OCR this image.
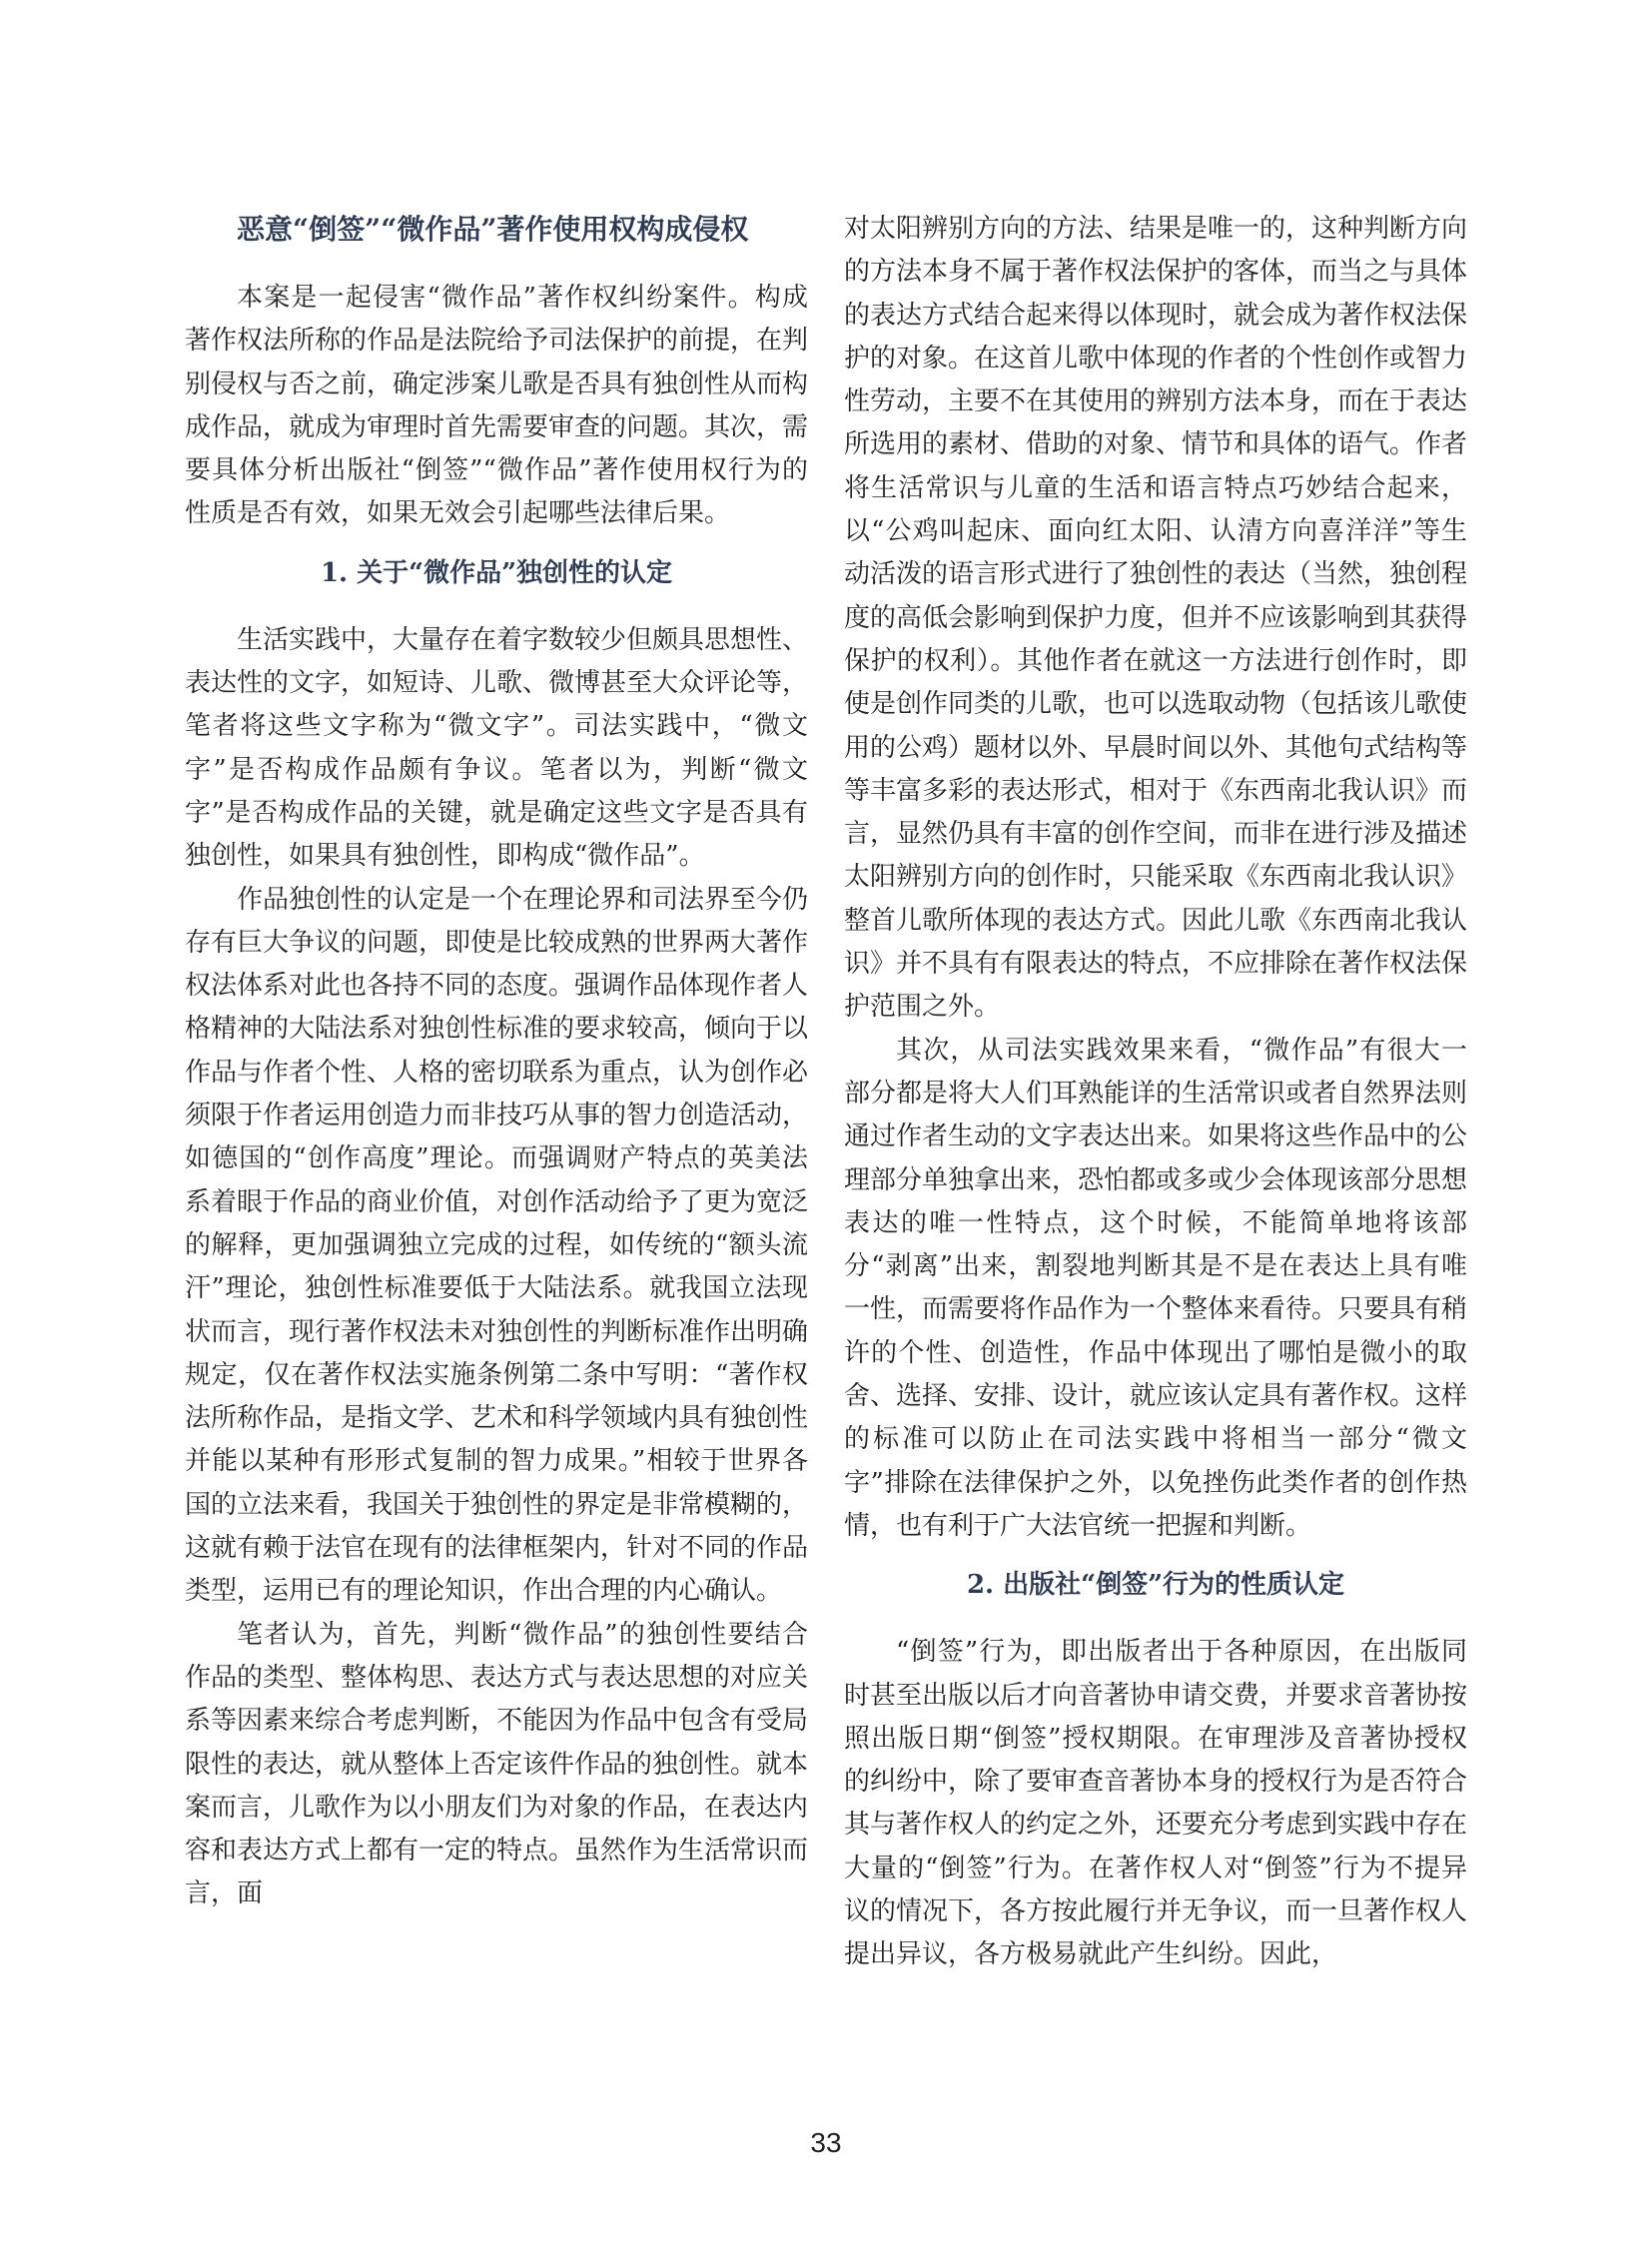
恶意“倒签”“微作品”著作使用权构成侵权

本案是一起侵害“微作品”著作权纠纷案件。构成著作权法所称的作品是法院给予司法保护的前提，在判别侵权与否之前，确定涉案儿歌是否具有独创性从而构成作品，就成为审理时首先需要审查的问题。其次，需要具体分析出版社“倒签”“微作品”著作使用权行为的性质是否有效，如果无效会引起哪些法律后果。

1. 关于“微作品”独创性的认定

生活实践中，大量存在着字数较少但颇具思想性、表达性的文字，如短诗、儿歌、微博甚至大众评论等，笔者将这些文字称为“微文字”。司法实践中，“微文字”是否构成作品颇有争议。笔者以为，判断“微文字”是否构成作品的关键，就是确定这些文字是否具有独创性，如果具有独创性，即构成“微作品”。

作品独创性的认定是一个在理论界和司法界至今仍存有巨大争议的问题，即使是比较成熟的世界两大著作权法体系对此也各持不同的态度。强调作品体现作者人格精神的大陆法系对独创性标准的要求较高，倾向于以作品与作者个性、人格的密切联系为重点，认为创作必须限于作者运用创造力而非技巧从事的智力创造活动，如德国的“创作高度”理论。而强调财产特点的英美法系着眼于作品的商业价值，对创作活动给予了更为宽泛的解释，更加强调独立完成的过程，如传统的“额头流汗”理论，独创性标准要低于大陆法系。就我国立法现状而言，现行著作权法未对独创性的判断标准作出明确规定，仅在著作权法实施条例第二条中写明：“著作权法所称作品，是指文学、艺术和科学领域内具有独创性并能以某种有形形式复制的智力成果。”相较于世界各国的立法来看，我国关于独创性的界定是非常模糊的，这就有赖于法官在现有的法律框架内，针对不同的作品类型，运用已有的理论知识，作出合理的内心确认。

笔者认为，首先，判断“微作品”的独创性要结合作品的类型、整体构思、表达方式与表达思想的对应关系等因素来综合考虑判断，不能因为作品中包含有受局限性的表达，就从整体上否定该件作品的独创性。就本案而言，儿歌作为以小朋友们为对象的作品，在表达内容和表达方式上都有一定的特点。虽然作为生活常识而言，面

对太阳辨别方向的方法、结果是唯一的，这种判断方向的方法本身不属于著作权法保护的客体，而当之与具体的表达方式结合起来得以体现时，就会成为著作权法保护的对象。在这首儿歌中体现的作者的个性创作或智力性劳动，主要不在其使用的辨别方法本身，而在于表达所选用的素材、借助的对象、情节和具体的语气。作者将生活常识与儿童的生活和语言特点巧妙结合起来，以“公鸡叫起床、面向红太阳、认清方向喜洋洋”等生动活泼的语言形式进行了独创性的表达（当然，独创程度的高低会影响到保护力度，但并不应该影响到其获得保护的权利）。其他作者在就这一方法进行创作时，即使是创作同类的儿歌，也可以选取动物（包括该儿歌使用的公鸡）题材以外、早晨时间以外、其他句式结构等等丰富多彩的表达形式，相对于《东西南北我认识》而言，显然仍具有丰富的创作空间，而非在进行涉及描述太阳辨别方向的创作时，只能采取《东西南北我认识》整首儿歌所体现的表达方式。因此儿歌《东西南北我认识》并不具有有限表达的特点，不应排除在著作权法保护范围之外。

其次，从司法实践效果来看，“微作品”有很大一部分都是将大人们耳熟能详的生活常识或者自然界法则通过作者生动的文字表达出来。如果将这些作品中的公理部分单独拿出来，恐怕都或多或少会体现该部分思想表达的唯一性特点，这个时候，不能简单地将该部分“剥离”出来，割裂地判断其是不是在表达上具有唯一性，而需要将作品作为一个整体来看待。只要具有稍许的个性、创造性，作品中体现出了哪怕是微小的取舍、选择、安排、设计，就应该认定具有著作权。这样的标准可以防止在司法实践中将相当一部分“微文字”排除在法律保护之外，以免挫伤此类作者的创作热情，也有利于广大法官统一把握和判断。

2. 出版社“倒签”行为的性质认定

“倒签”行为，即出版者出于各种原因，在出版同时甚至出版以后才向音著协申请交费，并要求音著协按照出版日期“倒签”授权期限。在审理涉及音著协授权的纠纷中，除了要审查音著协本身的授权行为是否符合其与著作权人的约定之外，还要充分考虑到实践中存在大量的“倒签”行为。在著作权人对“倒签”行为不提异议的情况下，各方按此履行并无争议，而一旦著作权人提出异议，各方极易就此产生纠纷。因此，

33
